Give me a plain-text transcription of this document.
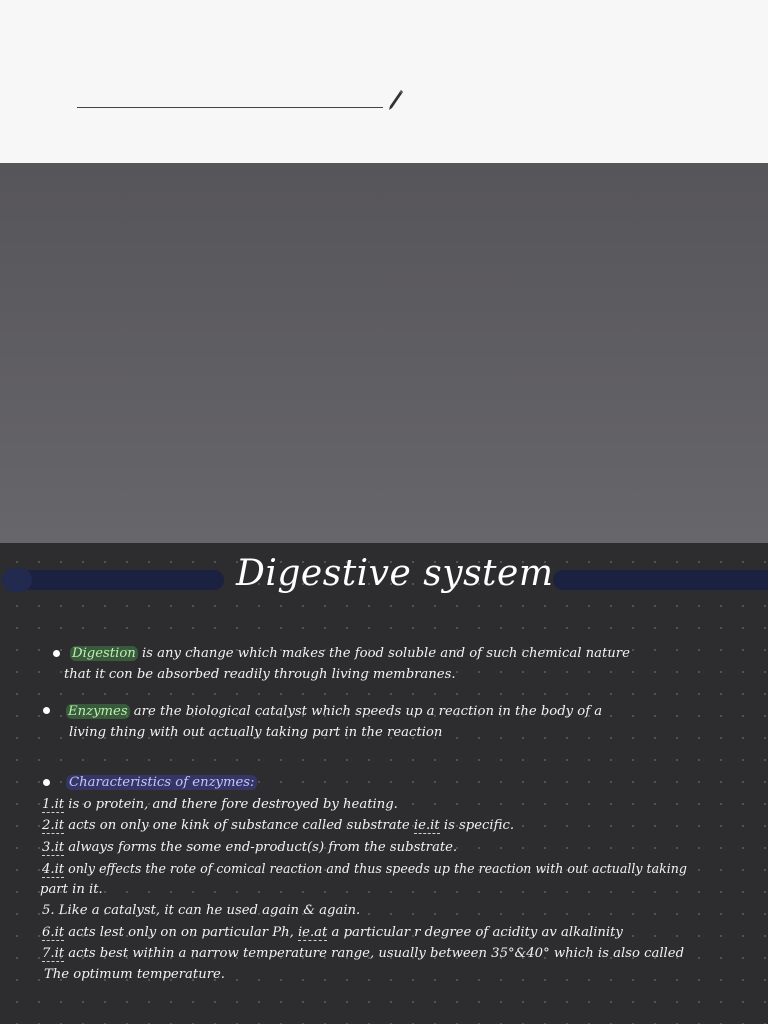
Digestive system
Digestion is any change which makes the food soluble and of such chemical nature
that it con be absorbed readily through living membranes.
Enzymes are the biological catalyst which speeds up a reaction in the body of a
living thing with out actually taking part in the reaction
Characteristics of enzymes:
1.it is o protein, and there fore destroyed by heating.
2.it acts on only one kink of substance called substrate ie.it is specific.
3.it always forms the some end-product(s) from the substrate.
4.it only effects the rote of comical reaction and thus speeds up the reaction with out actually taking
part in it.
5. Like a catalyst, it can he used again & again.
6.it acts lest only on on particular Ph, ie.at a particular r degree of acidity av alkalinity
7.it acts best within a narrow temperature range, usually between 35°&40° which is also called
The optimum temperature.
